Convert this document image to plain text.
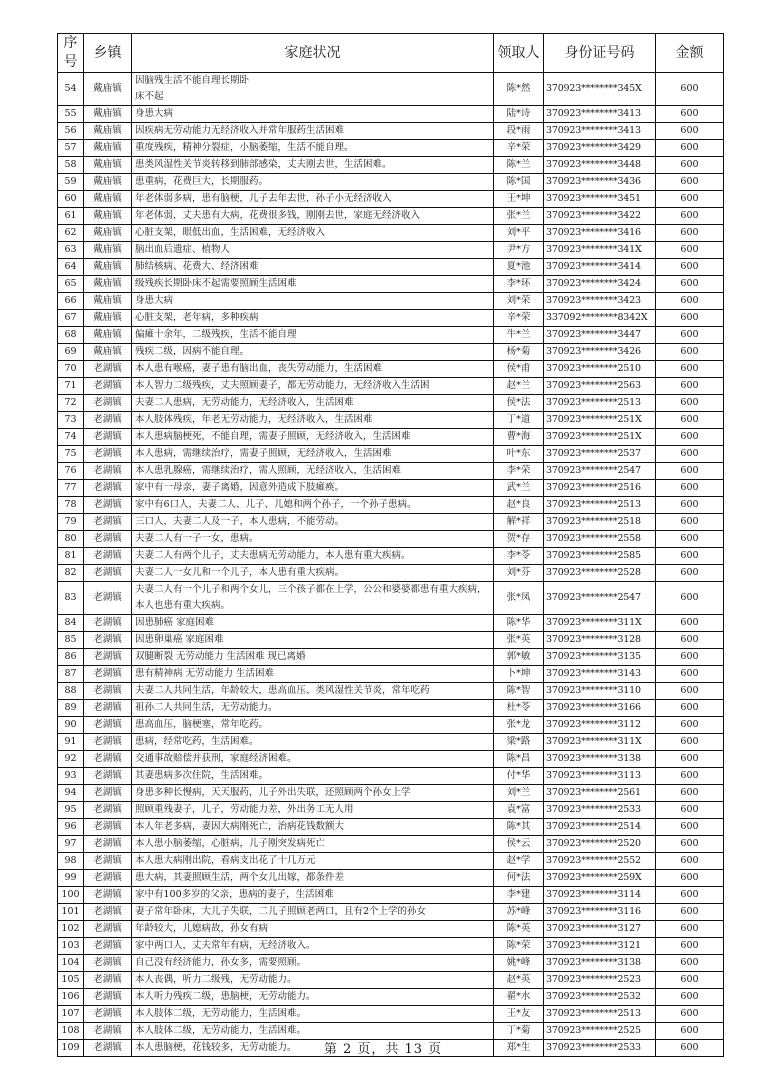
序号	乡镇	家庭状况	领取人	身份证号码	金额
54	戴庙镇	因脑残生活不能自理长期卧
床不起	陈*然	370923********345X	600
55	戴庙镇	身患大病	陆*诗	370923********3413	600
56	戴庙镇	因疾病无劳动能力无经济收入并常年服药生活困难	段*雨	370923********3413	600
57	戴庙镇	重度残疾，精神分裂症，小脑萎缩，生活不能自理。	辛*荣	370923********3429	600
58	戴庙镇	患类风湿性关节炎转移到肺部感染，丈夫刚去世，生活困难。	陈*兰	370923********3448	600
59	戴庙镇	患重病，花费巨大，长期服药。	陈*国	370923********3436	600
60	戴庙镇	年老体弱多病，患有脑梗，儿子去年去世，孙子小无经济收入	王*坤	370923********3451	600
61	戴庙镇	年老体弱，丈夫患有大病，花费很多钱，刚刚去世，家庭无经济收入	张*兰	370923********3422	600
62	戴庙镇	心脏支架，眼低出血，生活困难，无经济收入	刘*平	370923********3416	600
63	戴庙镇	脑出血后遗症、植物人	尹*方	370923********341X	600
64	戴庙镇	肺结核病、花费大、经济困难	夏*池	370923********3414	600
65	戴庙镇	级残疾长期卧床不起需要照顾生活困难	李*环	370923********3424	600
66	戴庙镇	身患大病	刘*荣	370923********3423	600
67	戴庙镇	心脏支架，老年病，多种疾病	辛*荣	337092********8342X	600
68	戴庙镇	偏瘫十余年，二级残疾，生活不能自理	牛*兰	370923********3447	600
69	戴庙镇	残疾二级，因病不能自理。	杨*菊	370923********3426	600
70	老湖镇	本人患有喉癌，妻子患有脑出血，丧失劳动能力，生活困难	侯*甫	370923********2510	600
71	老湖镇	本人智力二级残疾，丈夫照顾妻子，都无劳动能力，无经济收入生活困	赵*兰	370923********2563	600
72	老湖镇	夫妻二人患病，无劳动能力，无经济收入，生活困难	侯*法	370923********2513	600
73	老湖镇	本人肢体残疾，年老无劳动能力，无经济收入，生活困难	丁*道	370923********251X	600
74	老湖镇	本人患病脑梗死，不能自理，需妻子照顾，无经济收入，生活困难	曹*海	370923********251X	600
75	老湖镇	本人患病，需继续治疗，需妻子照顾，无经济收入，生活困难	叶*东	370923********2537	600
76	老湖镇	本人患乳腺癌，需继续治疗，需人照顾，无经济收入，生活困难	李*荣	370923********2547	600
77	老湖镇	家中有一母亲，妻子离婚，因意外造成下肢瘫痪。	武*兰	370923********2516	600
78	老湖镇	家中有6口人，夫妻二人、儿子、儿媳和两个孙子，一个孙子患病。	赵*良	370923********2513	600
79	老湖镇	三口人，夫妻二人及一子，本人患病，不能劳动。	解*祥	370923********2518	600
80	老湖镇	夫妻二人有一子一女，患病。	贺*存	370923********2558	600
81	老湖镇	夫妻二人有两个儿子，丈夫患病无劳动能力，本人患有重大疾病。	李*苓	370923********2585	600
82	老湖镇	夫妻二人一女儿和一个儿子，本人患有重大疾病。	刘*芬	370923********2528	600
83	老湖镇	夫妻二人有一个儿子和两个女儿，三个孩子都在上学，公公和婆婆都患有重大疾病，本人也患有重大疾病。	张*凤	370923********2547	600
84	老湖镇	因患肺癌 家庭困难	陈*华	370923********311X	600
85	老湖镇	因患卵巢癌 家庭困难	张*英	370923********3128	600
86	老湖镇	双腿断裂 无劳动能力 生活困难 现已离婚	郭*敏	370923********3135	600
87	老湖镇	患有精神病 无劳动能力 生活困难	卜*坤	370923********3143	600
88	老湖镇	夫妻二人共同生活，年龄较大，患高血压、类风湿性关节炎，常年吃药	陈*智	370923********3110	600
89	老湖镇	祖孙二人共同生活，无劳动能力。	杜*苓	370923********3166	600
90	老湖镇	患高血压，脑梗塞，常年吃药。	张*龙	370923********3112	600
91	老湖镇	患病，经常吃药，生活困难。	梁*路	370923********311X	600
92	老湖镇	交通事故赔偿并获刑，家庭经济困难。	陈*昌	370923********3138	600
93	老湖镇	其妻患病多次住院，生活困难。	付*华	370923********3113	600
94	老湖镇	身患多种长慢病，天天服药，儿子外出失联，还照顾两个孙女上学	刘*兰	370923********2561	600
95	老湖镇	照顾重残妻子，儿子，劳动能力差，外出务工无人用	袁*富	370923********2533	600
96	老湖镇	本人年老多病，妻因大病刚死亡，治病花钱数额大	陈*其	370923********2514	600
97	老湖镇	本人患小脑萎缩，心脏病，儿子刚突发病死亡	侯*云	370923********2520	600
98	老湖镇	本人患大病刚出院，看病支出花了十几万元	赵*学	370923********2552	600
99	老湖镇	患大病，其妻照顾生活，两个女儿出嫁，都条件差	何*法	370923********259X	600
100	老湖镇	家中有100多岁的父亲，患病的妻子，生活困难	李*建	370923********3114	600
101	老湖镇	妻子常年卧床，大儿子失联，二儿子照顾老两口，且有2个上学的孙女	苏*峰	370923********3116	600
102	老湖镇	年龄较大，儿媳病故，孙女有病	陈*英	370923********3127	600
103	老湖镇	家中两口人，丈夫常年有病，无经济收入。	陈*荣	370923********3121	600
104	老湖镇	自己没有经济能力，孙女多，需要照顾。	姚*峰	370923********3138	600
105	老湖镇	本人丧偶，听力二级残，无劳动能力。	赵*英	370923********2523	600
106	老湖镇	本人听力残疾二级，患脑梗，无劳动能力。	翟*水	370923********2532	600
107	老湖镇	本人肢体二级，无劳动能力，生活困难。	王*友	370923********2513	600
108	老湖镇	本人肢体二级，无劳动能力，生活困难。	丁*菊	370923********2525	600
109	老湖镇	本人患脑梗，花钱较多，无劳动能力。	郑*生	370923********2533	600
第 2 页，共 13 页
